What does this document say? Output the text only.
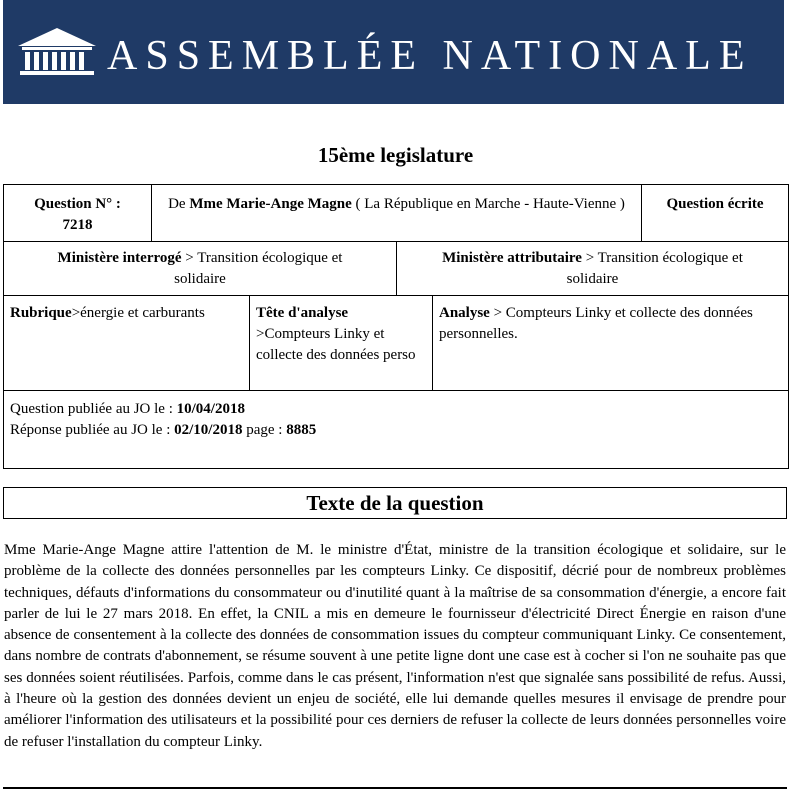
ASSEMBLÉE NATIONALE
15ème legislature
Question N° :
7218
De Mme Marie-Ange Magne ( La République en Marche - Haute-Vienne )	Question écrite
Ministère interrogé > Transition écologique et solidaire
Ministère attributaire > Transition écologique et solidaire
Rubrique>énergie et carburants	Tête d'analyse
>Compteurs Linky et collecte des données perso
Analyse > Compteurs Linky et collecte des données personnelles.
Question publiée au JO le : 10/04/2018
Réponse publiée au JO le : 02/10/2018 page : 8885
Texte de la question
Mme Marie-Ange Magne attire l'attention de M. le ministre d'État, ministre de la transition écologique et solidaire, sur le problème de la collecte des données personnelles par les compteurs Linky. Ce dispositif, décrié pour de nombreux problèmes techniques, défauts d'informations du consommateur ou d'inutilité quant à la maîtrise de sa consommation d'énergie, a encore fait parler de lui le 27 mars 2018. En effet, la CNIL a mis en demeure le fournisseur d'électricité Direct Énergie en raison d'une absence de consentement à la collecte des données de consommation issues du compteur communiquant Linky. Ce consentement, dans nombre de contrats d'abonnement, se résume souvent à une petite ligne dont une case est à cocher si l'on ne souhaite pas que ses données soient réutilisées. Parfois, comme dans le cas présent, l'information n'est que signalée sans possibilité de refus. Aussi, à l'heure où la gestion des données devient un enjeu de société, elle lui demande quelles mesures il envisage de prendre pour améliorer l'information des utilisateurs et la possibilité pour ces derniers de refuser la collecte de leurs données personnelles voire de refuser l'installation du compteur Linky.
